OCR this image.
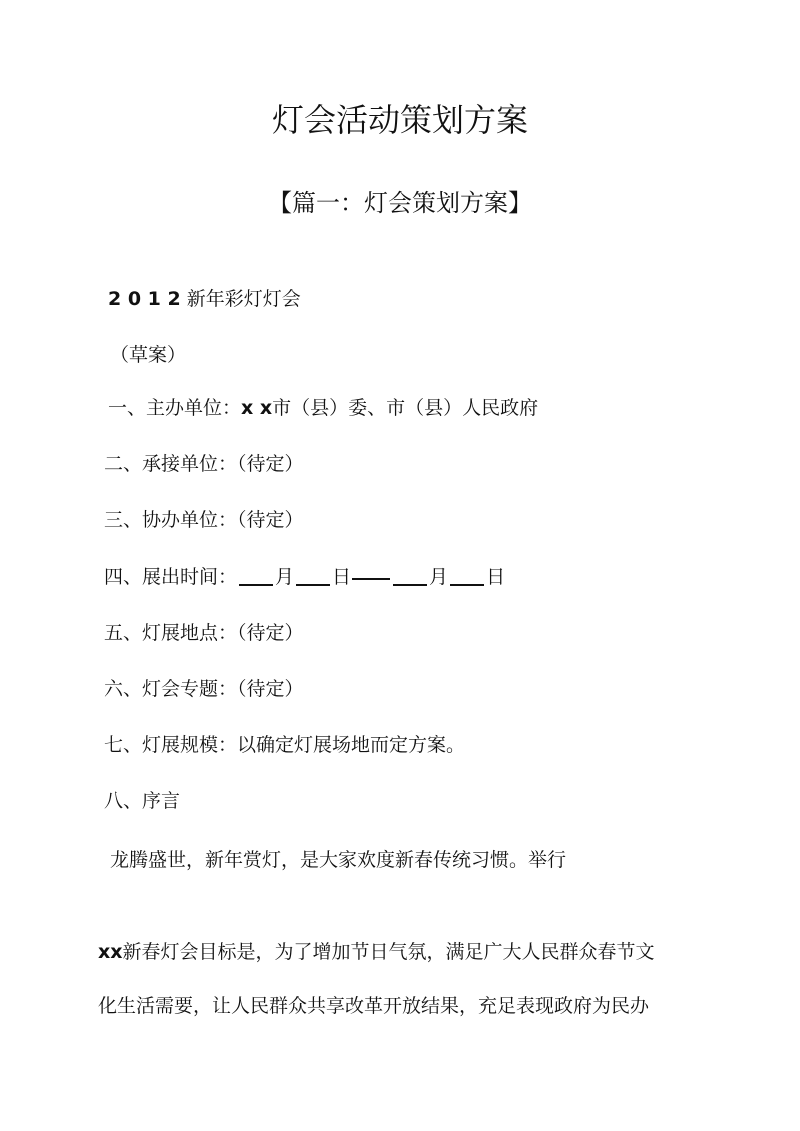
灯会活动策划方案
【篇一：灯会策划方案】
2 0 1 2 新年彩灯灯会
（草案）
一、主办单位：x x市（县）委、市（县）人民政府
二、承接单位：（待定）
三、协办单位：（待定）
四、展出时间： 月 日	月 日
五、灯展地点：（待定）
六、灯会专题：（待定）
七、灯展规模：以确定灯展场地而定方案。
八、序言
龙腾盛世，新年赏灯，是大家欢度新春传统习惯。举行
xx新春灯会目标是，为了增加节日气氛，满足广大人民群众春节文
化生活需要，让人民群众共享改革开放结果，充足表现政府为民办
